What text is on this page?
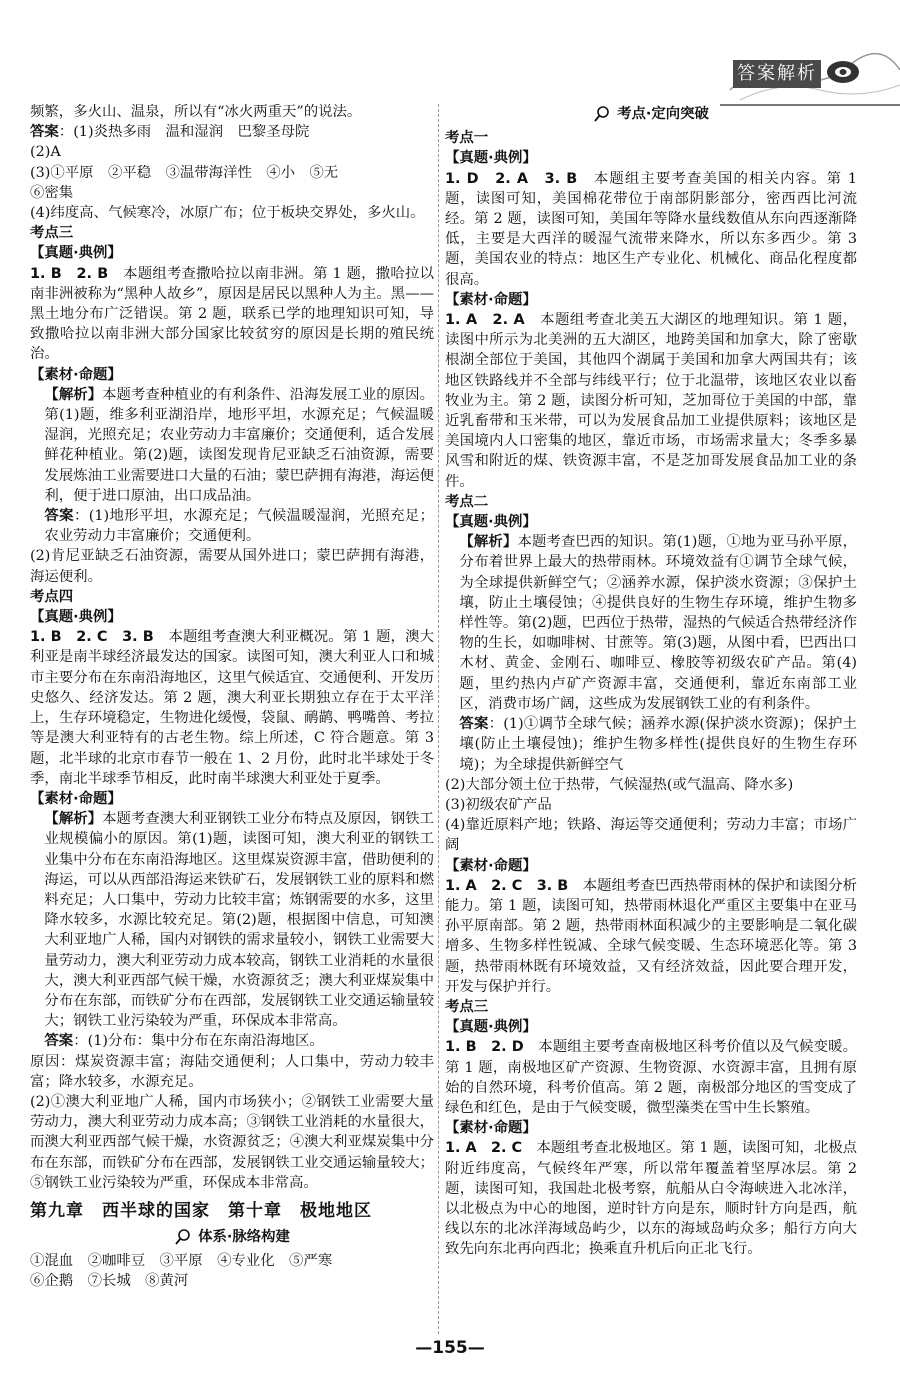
答案解析

频繁，多火山、温泉，所以有“冰火两重天”的说法。

答案：(1)炎热多雨　温和湿润　巴黎圣母院

(2)A

(3)①平原　②平稳　③温带海洋性　④小　⑤无

⑥密集

(4)纬度高、气候寒冷，冰原广布；位于板块交界处，多火山。

考点三

【真题·典例】

1. B　2. B　本题组考查撒哈拉以南非洲。第 1 题，撒哈拉以南非洲被称为“黑种人故乡”，原因是居民以黑种人为主。黑——黑土地分布广泛错误。第 2 题，联系已学的地理知识可知，导致撒哈拉以南非洲大部分国家比较贫穷的原因是长期的殖民统治。

【素材·命题】

【解析】本题考查种植业的有利条件、沿海发展工业的原因。第(1)题，维多利亚湖沿岸，地形平坦，水源充足；气候温暖湿润，光照充足；农业劳动力丰富廉价；交通便利，适合发展鲜花种植业。第(2)题，读图发现肯尼亚缺乏石油资源，需要发展炼油工业需要进口大量的石油；蒙巴萨拥有海港，海运便利，便于进口原油，出口成品油。

答案：(1)地形平坦，水源充足；气候温暖湿润，光照充足；农业劳动力丰富廉价；交通便利。

(2)肯尼亚缺乏石油资源，需要从国外进口；蒙巴萨拥有海港，海运便利。

考点四

【真题·典例】

1. B　2. C　3. B　本题组考查澳大利亚概况。第 1 题，澳大利亚是南半球经济最发达的国家。读图可知，澳大利亚人口和城市主要分布在东南沿海地区，这里气候适宜、交通便利、开发历史悠久、经济发达。第 2 题，澳大利亚长期独立存在于太平洋上，生存环境稳定，生物进化缓慢，袋鼠、鸸鹋、鸭嘴兽、考拉等是澳大利亚特有的古老生物。综上所述，C 符合题意。第 3 题，北半球的北京市春节一般在 1、2 月份，此时北半球处于冬季，南北半球季节相反，此时南半球澳大利亚处于夏季。

【素材·命题】

【解析】本题考查澳大利亚钢铁工业分布特点及原因，钢铁工业规模偏小的原因。第(1)题，读图可知，澳大利亚的钢铁工业集中分布在东南沿海地区。这里煤炭资源丰富，借助便利的海运，可以从西部沿海运来铁矿石，发展钢铁工业的原料和燃料充足；人口集中，劳动力比较丰富；炼钢需要的水多，这里降水较多，水源比较充足。第(2)题，根据图中信息，可知澳大利亚地广人稀，国内对钢铁的需求量较小，钢铁工业需要大量劳动力，澳大利亚劳动力成本较高，钢铁工业消耗的水量很大，澳大利亚西部气候干燥，水资源贫乏；澳大利亚煤炭集中分布在东部，而铁矿分布在西部，发展钢铁工业交通运输量较大；钢铁工业污染较为严重，环保成本非常高。

答案：(1)分布：集中分布在东南沿海地区。

原因：煤炭资源丰富；海陆交通便利；人口集中，劳动力较丰富；降水较多，水源充足。

(2)①澳大利亚地广人稀，国内市场狭小；②钢铁工业需要大量劳动力，澳大利亚劳动力成本高；③钢铁工业消耗的水量很大，而澳大利亚西部气候干燥，水资源贫乏；④澳大利亚煤炭集中分布在东部，而铁矿分布在西部，发展钢铁工业交通运输量较大；⑤钢铁工业污染较为严重，环保成本非常高。

第九章　西半球的国家　第十章　极地地区

体系·脉络构建

①混血　②咖啡豆　③平原　④专业化　⑤严寒

⑥企鹅　⑦长城　⑧黄河

考点·定向突破

考点一

【真题·典例】

1. D　2. A　3. B　本题组主要考查美国的相关内容。第 1 题，读图可知，美国棉花带位于南部阴影部分，密西西比河流经。第 2 题，读图可知，美国年等降水量线数值从东向西逐渐降低，主要是大西洋的暖湿气流带来降水，所以东多西少。第 3 题，美国农业的特点：地区生产专业化、机械化、商品化程度都很高。

【素材·命题】

1. A　2. A　本题组考查北美五大湖区的地理知识。第 1 题，读图中所示为北美洲的五大湖区，地跨美国和加拿大，除了密歇根湖全部位于美国，其他四个湖属于美国和加拿大两国共有；该地区铁路线并不全部与纬线平行；位于北温带，该地区农业以畜牧业为主。第 2 题，读图分析可知，芝加哥位于美国的中部，靠近乳畜带和玉米带，可以为发展食品加工业提供原料；该地区是美国境内人口密集的地区，靠近市场，市场需求量大；冬季多暴风雪和附近的煤、铁资源丰富，不是芝加哥发展食品加工业的条件。

考点二

【真题·典例】

【解析】本题考查巴西的知识。第(1)题，①地为亚马孙平原，分布着世界上最大的热带雨林。环境效益有①调节全球气候，为全球提供新鲜空气；②涵养水源，保护淡水资源；③保护土壤，防止土壤侵蚀；④提供良好的生物生存环境，维护生物多样性等。第(2)题，巴西位于热带，湿热的气候适合热带经济作物的生长，如咖啡树、甘蔗等。第(3)题，从图中看，巴西出口木材、黄金、金刚石、咖啡豆、橡胶等初级农矿产品。第(4)题，里约热内卢矿产资源丰富，交通便利，靠近东南部工业区，消费市场广阔，这些成为发展钢铁工业的有利条件。

答案：(1)①调节全球气候；涵养水源(保护淡水资源)；保护土壤(防止土壤侵蚀)；维护生物多样性(提供良好的生物生存环境)；为全球提供新鲜空气

(2)大部分领土位于热带，气候湿热(或气温高、降水多)

(3)初级农矿产品

(4)靠近原料产地；铁路、海运等交通便利；劳动力丰富；市场广阔

【素材·命题】

1. A　2. C　3. B　本题组考查巴西热带雨林的保护和读图分析能力。第 1 题，读图可知，热带雨林退化严重区主要集中在亚马孙平原南部。第 2 题，热带雨林面积减少的主要影响是二氧化碳增多、生物多样性锐减、全球气候变暖、生态环境恶化等。第 3 题，热带雨林既有环境效益，又有经济效益，因此要合理开发，开发与保护并行。

考点三

【真题·典例】

1. B　2. D　本题组主要考查南极地区科考价值以及气候变暖。第 1 题，南极地区矿产资源、生物资源、水资源丰富，且拥有原始的自然环境，科考价值高。第 2 题，南极部分地区的雪变成了绿色和红色，是由于气候变暖，微型藻类在雪中生长繁殖。

【素材·命题】

1. A　2. C　本题组考查北极地区。第 1 题，读图可知，北极点附近纬度高，气候终年严寒，所以常年覆盖着坚厚冰层。第 2 题，读图可知，我国赴北极考察，航船从白令海峡进入北冰洋，以北极点为中心的地图，逆时针方向是东，顺时针方向是西，航线以东的北冰洋海域岛屿少，以东的海域岛屿众多；船行方向大致先向东北再向西北；换乘直升机后向正北飞行。

—155—
